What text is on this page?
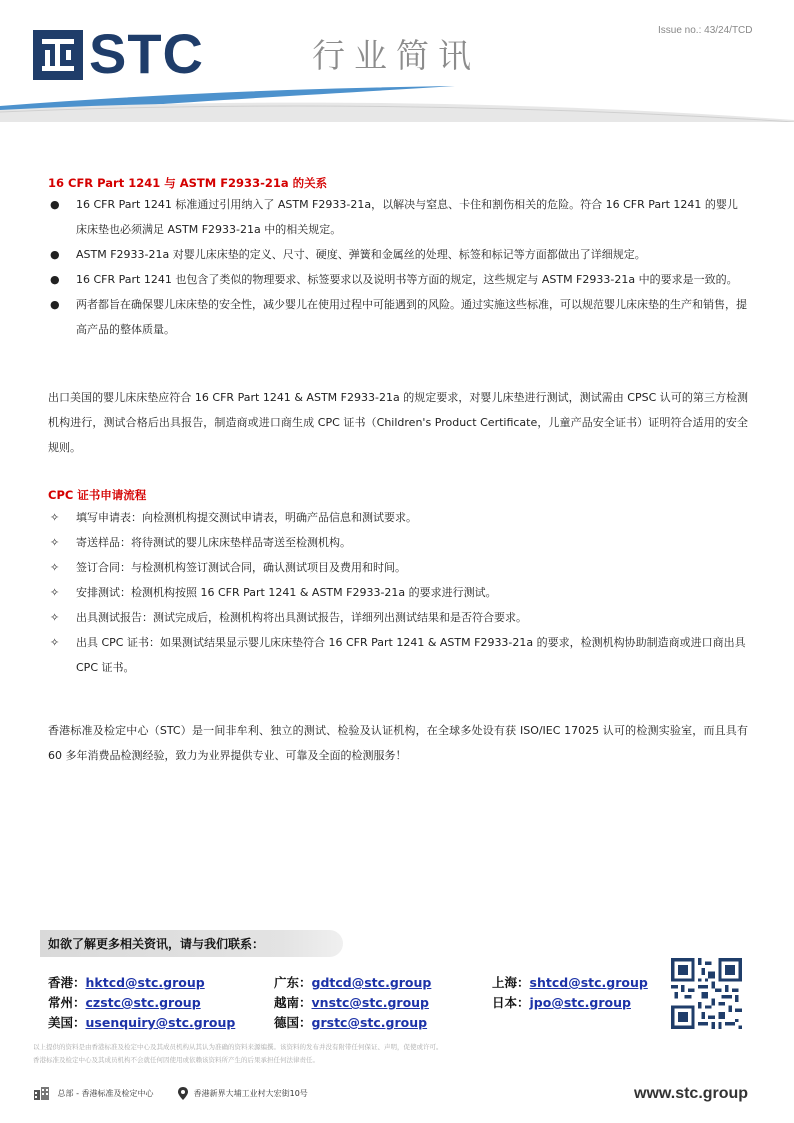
STC	行业简讯
Issue no.: 43/24/TCD
16 CFR Part 1241 与 ASTM F2933-21a 的关系
● 16 CFR Part 1241 标准通过引用纳入了 ASTM F2933-21a，以解决与窒息、卡住和割伤相关的危险。符合 16 CFR Part 1241 的婴儿床床垫也必须满足 ASTM F2933-21a 中的相关规定。
● ASTM F2933-21a 对婴儿床床垫的定义、尺寸、硬度、弹簧和金属丝的处理、标签和标记等方面都做出了详细规定。
● 16 CFR Part 1241 也包含了类似的物理要求、标签要求以及说明书等方面的规定，这些规定与 ASTM F2933-21a 中的要求是一致的。
● 两者都旨在确保婴儿床床垫的安全性，减少婴儿在使用过程中可能遇到的风险。通过实施这些标准，可以规范婴儿床床垫的生产和销售，提高产品的整体质量。
出口美国的婴儿床床垫应符合 16 CFR Part 1241 & ASTM F2933-21a 的规定要求，对婴儿床垫进行测试，测试需由 CPSC 认可的第三方检测机构进行，测试合格后出具报告，制造商或进口商生成 CPC 证书（Children's Product Certificate，儿童产品安全证书）证明符合适用的安全规则。
CPC 证书申请流程
✧ 填写申请表：向检测机构提交测试申请表，明确产品信息和测试要求。
✧ 寄送样品：将待测试的婴儿床床垫样品寄送至检测机构。
✧ 签订合同：与检测机构签订测试合同，确认测试项目及费用和时间。
✧ 安排测试：检测机构按照 16 CFR Part 1241 & ASTM F2933-21a 的要求进行测试。
✧ 出具测试报告：测试完成后，检测机构将出具测试报告，详细列出测试结果和是否符合要求。
✧ 出具 CPC 证书：如果测试结果显示婴儿床床垫符合 16 CFR Part 1241 & ASTM F2933-21a 的要求，检测机构协助制造商或进口商出具 CPC 证书。
香港标准及检定中心（STC）是一间非牟利、独立的测试、检验及认证机构，在全球多处设有获 ISO/IEC 17025 认可的检测实验室，而且具有 60 多年消费品检测经验，致力为业界提供专业、可靠及全面的检测服务！
如欲了解更多相关资讯，请与我们联系：
香港：hktcd@stc.group	广东：gdtcd@stc.group	上海：shtcd@stc.group
常州：czstc@stc.group	越南：vnstc@stc.group	日本：jpo@stc.group
美国：usenquiry@stc.group	德国：grstc@stc.group
以上提供的资料是由香港标准及检定中心及其成员机构从其认为准确的资料来源编撰。该资料的发布并没有附带任何保证、声明，促使或许可。
香港标准及检定中心及其成员机构不会就任何因使用或依赖该资料所产生的后果承担任何法律责任。
总部 - 香港标准及检定中心	香港新界大埔工业村大宏街10号	www.stc.group
